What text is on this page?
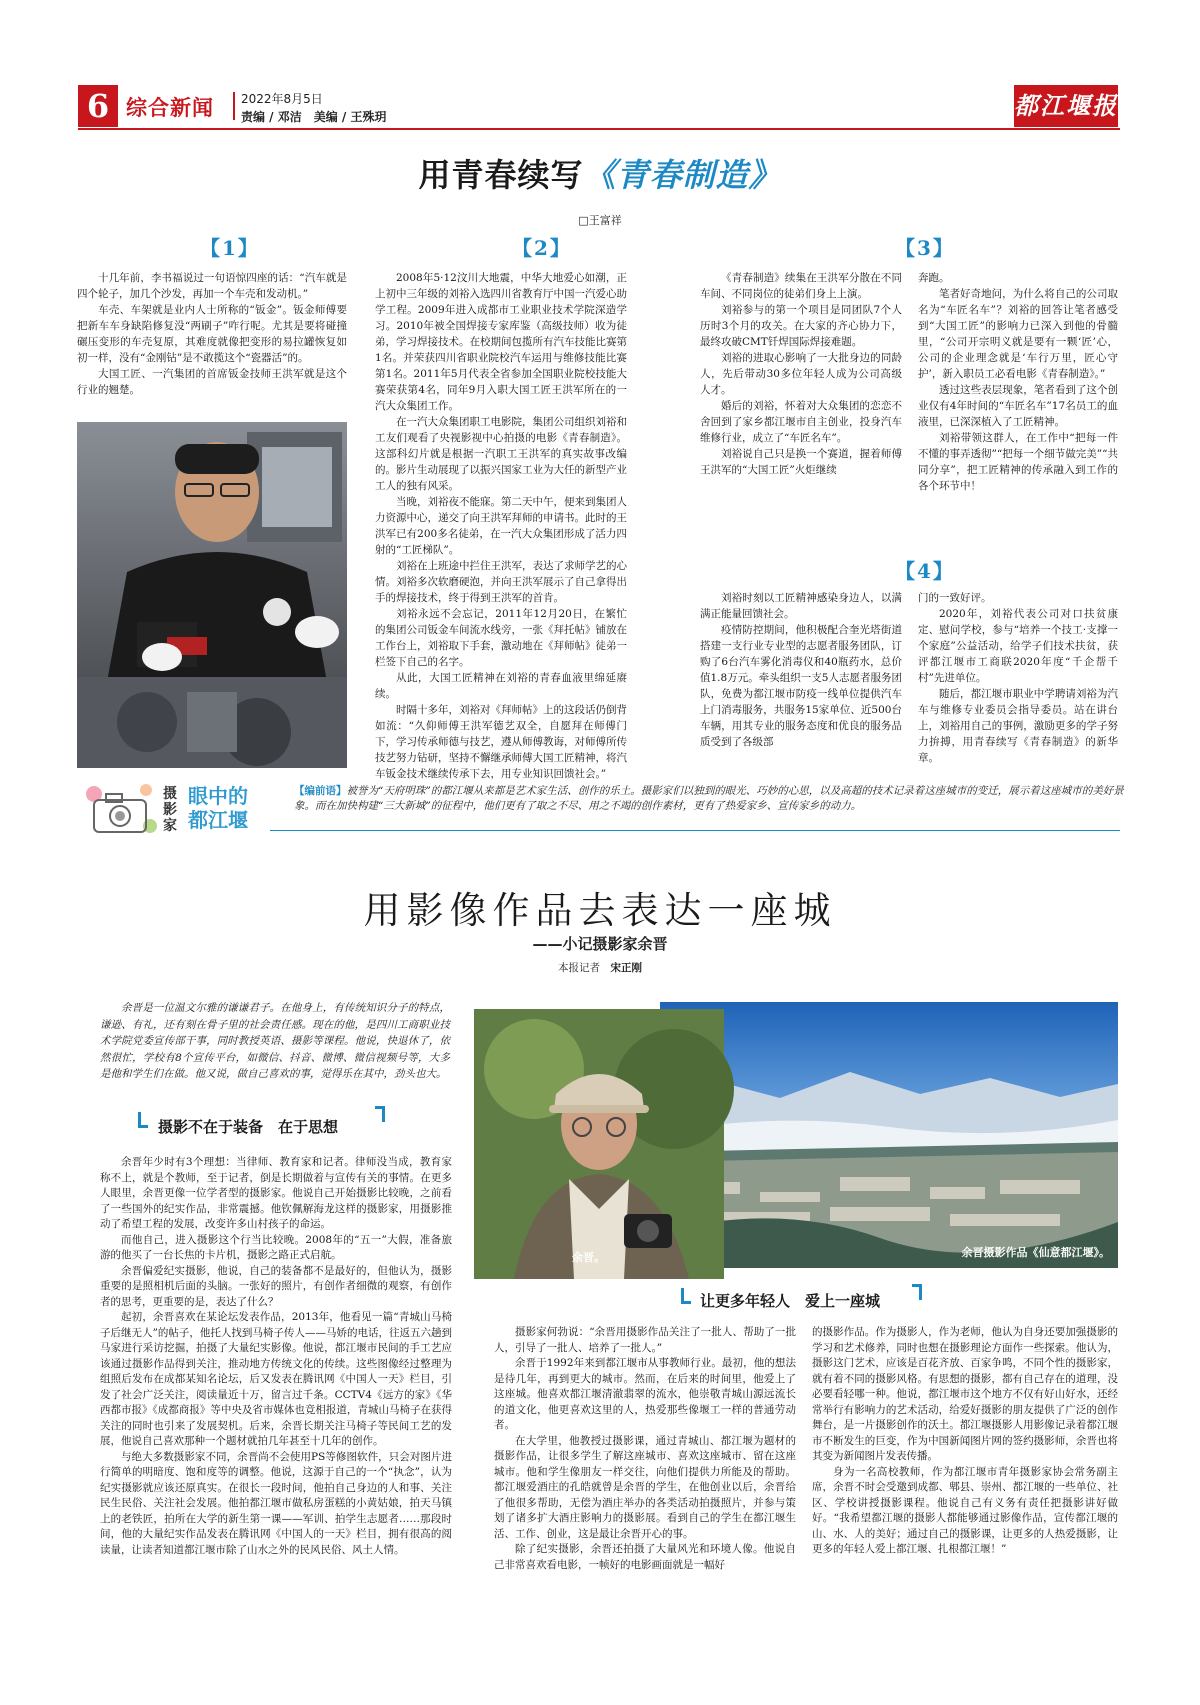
6 综合新闻 2022年8月5日
责编 / 邓洁　美编 / 王殊玥	都江堰报
用青春续写《青春制造》
□王富祥
【1】	【2】	【3】
【4】

十几年前，李书福说过一句语惊四座的话：“汽车就是四个轮子，加几个沙发，再加一个车壳和发动机。”

车壳、车架就是业内人士所称的“钣金”。钣金师傅要把新车车身缺陷修复没“两刷子”咋行呢。尤其是要将碰撞碾压变形的车壳复原，其难度就像把变形的易拉罐恢复如初一样，没有“金刚钻”是不敢揽这个“瓷器活”的。

大国工匠、一汽集团的首席钣金技师王洪军就是这个行业的翘楚。

2008年5·12汶川大地震，中华大地爱心如潮，正上初中三年级的刘裕入选四川省教育厅中国一汽爱心助学工程。2009年进入成都市工业职业技术学院深造学习。2010年被全国焊接专家库鉴（高级技师）收为徒弟，学习焊接技术。在校期间包揽所有汽车技能比赛第1名。并荣获四川省职业院校汽车运用与维修技能比赛第1名。2011年5月代表全省参加全国职业院校技能大赛荣获第4名，同年9月入职大国工匠王洪军所在的一汽大众集团工作。

在一汽大众集团职工电影院，集团公司组织刘裕和工友们观看了央视影视中心拍摄的电影《青春制造》。这部科幻片就是根据一汽职工王洪军的真实故事改编的。影片生动展现了以振兴国家工业为大任的新型产业工人的独有风采。

当晚，刘裕夜不能寐。第二天中午，便来到集团人力资源中心，递交了向王洪军拜师的申请书。此时的王洪军已有200多名徒弟，在一汽大众集团形成了活力四射的“工匠梯队”。

刘裕在上班途中拦住王洪军，表达了求师学艺的心情。刘裕多次软磨硬泡，并向王洪军展示了自己拿得出手的焊接技术，终于得到王洪军的首肯。

刘裕永远不会忘记，2011年12月20日，在繁忙的集团公司钣金车间流水线旁，一张《拜托帖》铺放在工作台上，刘裕取下手套，激动地在《拜师帖》徒弟一栏签下自己的名字。

从此，大国工匠精神在刘裕的青春血液里绵延赓续。

时隔十多年，刘裕对《拜师帖》上的这段话仍倒背如流：“久仰师傅王洪军德艺双全，自愿拜在师傅门下，学习传承师德与技艺，遵从师傅教诲，对师傅所传技艺努力钻研，坚持不懈继承师傅大国工匠精神，将汽车钣金技术继续传承下去，用专业知识回馈社会。”

《青春制造》续集在王洪军分散在不同车间、不同岗位的徒弟们身上上演。

刘裕参与的第一个项目是同团队7个人历时3个月的攻关。在大家的齐心协力下，最终攻破CMT钎焊国际焊接难题。

刘裕的进取心影响了一大批身边的同龄人，先后带动30多位年轻人成为公司高级人才。

婚后的刘裕，怀着对大众集团的恋恋不舍回到了家乡都江堰市自主创业，投身汽车维修行业，成立了“车匠名车”。

刘裕说自己只是换一个赛道，握着师傅王洪军的“大国工匠”火炬继续

奔跑。

笔者好奇地问，为什么将自己的公司取名为“车匠名车”？刘裕的回答让笔者感受到“大国工匠”的影响力已深入到他的骨髓里，“公司开宗明义就是要有一颗‘匠’心，公司的企业理念就是‘车行万里，匠心守护’，新入职员工必看电影《青春制造》。”

透过这些表层现象，笔者看到了这个创业仅有4年时间的“车匠名车”17名员工的血液里，已深深植入了工匠精神。

刘裕带领这群人，在工作中“把每一件不懂的事弄透彻”“把每一个细节做完美”“共同分享”，把工匠精神的传承融入到工作的各个环节中！

刘裕时刻以工匠精神感染身边人，以满满正能量回馈社会。

疫情防控期间，他积极配合奎光塔街道搭建一支行业专业型的志愿者服务团队，订购了6台汽车雾化消毒仪和40瓶药水，总价值1.8万元。牵头组织一支5人志愿者服务团队，免费为都江堰市防疫一线单位提供汽车上门消毒服务，共服务15家单位、近500台车辆，用其专业的服务态度和优良的服务品质受到了各级部

门的一致好评。

2020年，刘裕代表公司对口扶贫康定、慰问学校，参与“培养一个技工·支撑一个家庭”公益活动，给学子们技术扶贫，获评都江堰市工商联2020年度“千企帮千村”先进单位。

随后，都江堰市职业中学聘请刘裕为汽车与维修专业委员会指导委员。站在讲台上，刘裕用自己的事例，激励更多的学子努力拚搏，用青春续写《青春制造》的新华章。

摄影家
眼中的都江堰
【编前语】被誉为“天府明珠”的都江堰从来都是艺术家生活、创作的乐土。摄影家们以独到的眼光、巧妙的心思，以及高超的技术记录着这座城市的变迁，展示着这座城市的美好景象。而在加快构建“三大新城”的征程中，他们更有了取之不尽、用之不竭的创作素材，更有了热爱家乡、宣传家乡的动力。
用影像作品去表达一座城
——小记摄影家余晋
本报记者　 宋正刚

余晋是一位温文尔雅的谦谦君子。在他身上，有传统知识分子的特点，谦逊、有礼，还有刻在骨子里的社会责任感。现在的他，是四川工商职业技术学院党委宣传部干事，同时教授英语、摄影等课程。他说，快退休了，依然很忙，学校有8个宣传平台，如微信、抖音、微博、微信视频号等，大多是他和学生们在做。他又说，做自己喜欢的事，觉得乐在其中，劲头也大。

摄影不在于装备　在于思想
余晋摄影作品《仙意都江堰》。
余晋。

余晋年少时有3个理想：当律师、教育家和记者。律师没当成，教育家称不上，就是个教师，至于记者，倒是长期做着与宣传有关的事情。在更多人眼里，余晋更像一位学者型的摄影家。他说自己开始摄影比较晚，之前看了一些国外的纪实作品，非常震撼。他钦佩解海龙这样的摄影家，用摄影推动了希望工程的发展，改变许多山村孩子的命运。

而他自己，进入摄影这个行当比较晚。2008年的“五一”大假，准备旅游的他买了一台长焦的卡片机，摄影之路正式启航。

余晋偏爱纪实摄影，他说，自己的装备都不是最好的，但他认为，摄影重要的是照相机后面的头脑。一张好的照片，有创作者细微的观察，有创作者的思考，更重要的是，表达了什么？

起初，余晋喜欢在某论坛发表作品，2013年，他看见一篇“青城山马椅子后继无人”的帖子，他托人找到马椅子传人——马娇的电话，往返五六趟到马家进行采访挖掘，拍摄了大量纪实影像。他说，都江堰市民间的手工艺应该通过摄影作品得到关注，推动地方传统文化的传续。这些图像经过整理为组照后发布在成都某知名论坛，后又发表在腾讯网《中国人一天》栏目，引发了社会广泛关注，阅读量近十万，留言过千条。CCTV4《远方的家》《华西都市报》《成都商报》等中央及省市媒体也竞相报道，青城山马椅子在获得关注的同时也引来了发展契机。后来，余晋长期关注马椅子等民间工艺的发展，他说自己喜欢那种一个题材就拍几年甚至十几年的创作。

与绝大多数摄影家不同，余晋尚不会使用PS等修图软件，只会对图片进行简单的明暗度、饱和度等的调整。他说，这源于自己的一个“执念”，认为纪实摄影就应该还原真实。在很长一段时间，他拍自己身边的人和事、关注民生民俗、关注社会发展。他拍都江堰市做私房蛋糕的小黄姑娘，拍天马镇上的老铁匠，拍所在大学的新生第一课——军训、拍学生志愿者……那段时间，他的大量纪实作品发表在腾讯网《中国人的一天》栏目，拥有很高的阅读量，让读者知道都江堰市除了山水之外的民风民俗、风土人情。

让更多年轻人　爱上一座城

摄影家何勃说：“余晋用摄影作品关注了一批人、帮助了一批人，引导了一批人、培养了一批人。”

余晋于1992年来到都江堰市从事教师行业。最初，他的想法是待几年，再到更大的城市。然而，在后来的时间里，他爱上了这座城。他喜欢都江堰清澈翡翠的流水，他崇敬青城山源远流长的道文化，他更喜欢这里的人，热爱那些像堰工一样的普通劳动者。

在大学里，他教授过摄影课，通过青城山、都江堰为题材的摄影作品，让很多学生了解这座城市、喜欢这座城市、留在这座城市。他和学生像朋友一样交往，向他们提供力所能及的帮助。都江堰爱酒庄的孔皓就曾是余晋的学生，在他创业以后，余晋给了他很多帮助，无偿为酒庄举办的各类活动拍摄照片，并参与策划了诸多扩大酒庄影响力的摄影展。看到自己的学生在都江堰生活、工作、创业，这是最让余晋开心的事。

除了纪实摄影，余晋还拍摄了大量风光和环境人像。他说自己非常喜欢看电影，一帧好的电影画面就是一幅好

的摄影作品。作为摄影人，作为老师，他认为自身还要加强摄影的学习和艺术修养，同时也想在摄影理论方面作一些探索。他认为，摄影这门艺术，应该是百花齐放、百家争鸣，不同个性的摄影家，就有着不同的摄影风格。有思想的摄影，都有自己存在的道理，没必要看轻哪一种。他说，都江堰市这个地方不仅有好山好水，还经常举行有影响力的艺术活动，给爱好摄影的朋友提供了广泛的创作舞台，是一片摄影创作的沃土。都江堰摄影人用影像记录着都江堰市不断发生的巨变，作为中国新闻图片网的签约摄影师，余晋也将其变为新闻图片发表传播。

身为一名高校教师，作为都江堰市青年摄影家协会常务副主席，余晋不时会受邀到成都、郫县、崇州、都江堰的一些单位、社区、学校讲授摄影课程。他说自己有义务有责任把摄影讲好做好。“我希望都江堰的摄影人都能够通过影像作品，宣传都江堰的山、水、人的美好；通过自己的摄影课，让更多的人热爱摄影，让更多的年轻人爱上都江堰、扎根都江堰！”
